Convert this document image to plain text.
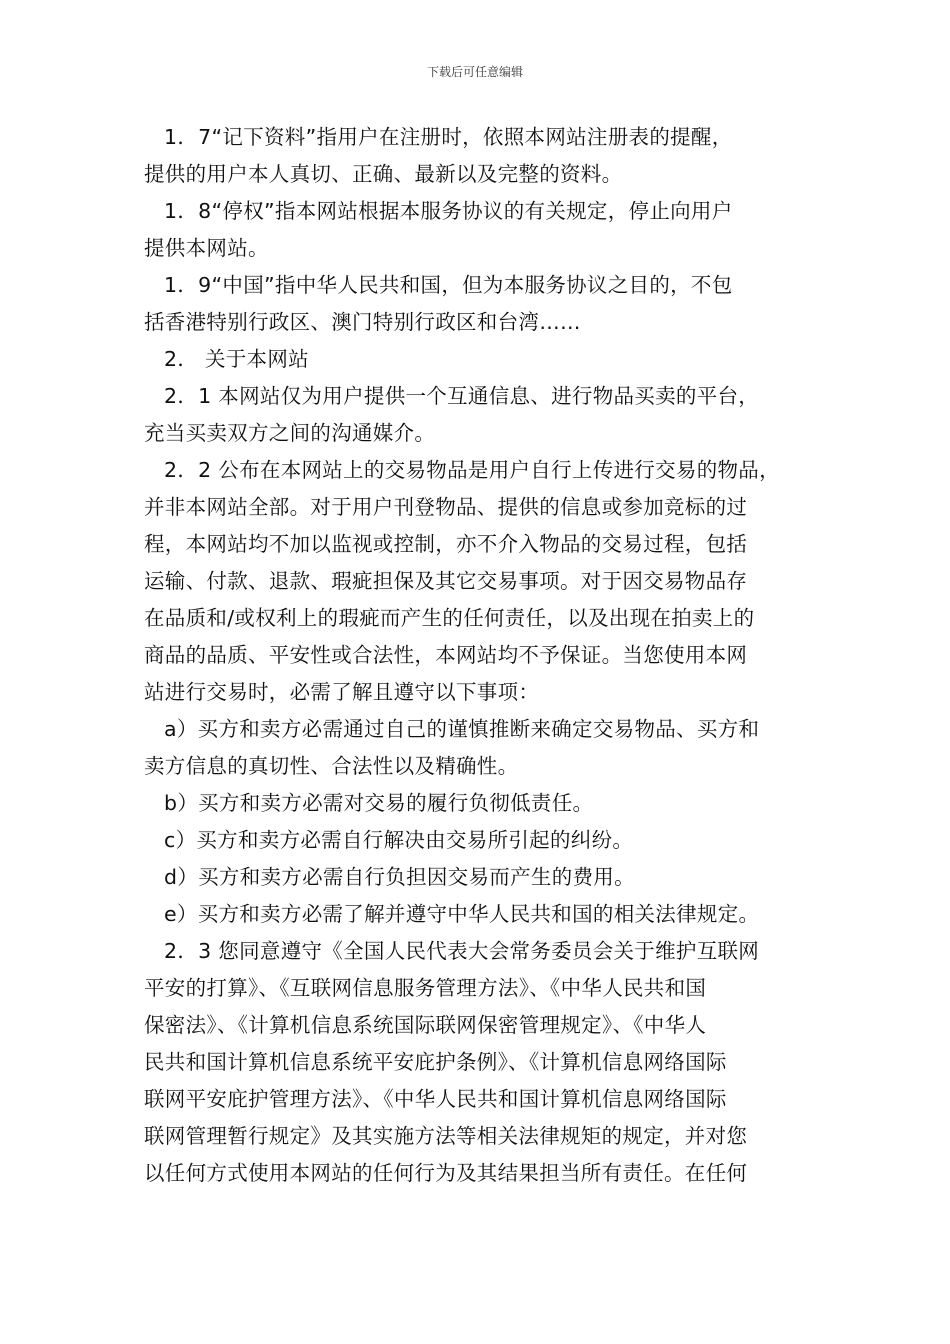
下载后可任意编辑
1．7“记下资料”指用户在注册时，依照本网站注册表的提醒，
提供的用户本人真切、正确、最新以及完整的资料。
1．8“停权”指本网站根据本服务协议的有关规定，停止向用户
提供本网站。
1．9“中国”指中华人民共和国，但为本服务协议之目的，不包
括香港特别行政区、澳门特别行政区和台湾……
2． 关于本网站
2．1 本网站仅为用户提供一个互通信息、进行物品买卖的平台，
充当买卖双方之间的沟通媒介。
2．2 公布在本网站上的交易物品是用户自行上传进行交易的物品，
并非本网站全部。对于用户刊登物品、提供的信息或参加竞标的过
程，本网站均不加以监视或控制，亦不介入物品的交易过程，包括
运输、付款、退款、瑕疵担保及其它交易事项。对于因交易物品存
在品质和/或权利上的瑕疵而产生的任何责任，以及出现在拍卖上的
商品的品质、平安性或合法性，本网站均不予保证。当您使用本网
站进行交易时，必需了解且遵守以下事项：
a）买方和卖方必需通过自己的谨慎推断来确定交易物品、买方和
卖方信息的真切性、合法性以及精确性。
b）买方和卖方必需对交易的履行负彻低责任。
c）买方和卖方必需自行解决由交易所引起的纠纷。
d）买方和卖方必需自行负担因交易而产生的费用。
e）买方和卖方必需了解并遵守中华人民共和国的相关法律规定。
2．3 您同意遵守《全国人民代表大会常务委员会关于维护互联网
平安的打算》、《互联网信息服务管理方法》、《中华人民共和国
保密法》、《计算机信息系统国际联网保密管理规定》、《中华人
民共和国计算机信息系统平安庇护条例》、《计算机信息网络国际
联网平安庇护管理方法》、《中华人民共和国计算机信息网络国际
联网管理暂行规定》及其实施方法等相关法律规矩的规定，并对您
以任何方式使用本网站的任何行为及其结果担当所有责任。在任何
